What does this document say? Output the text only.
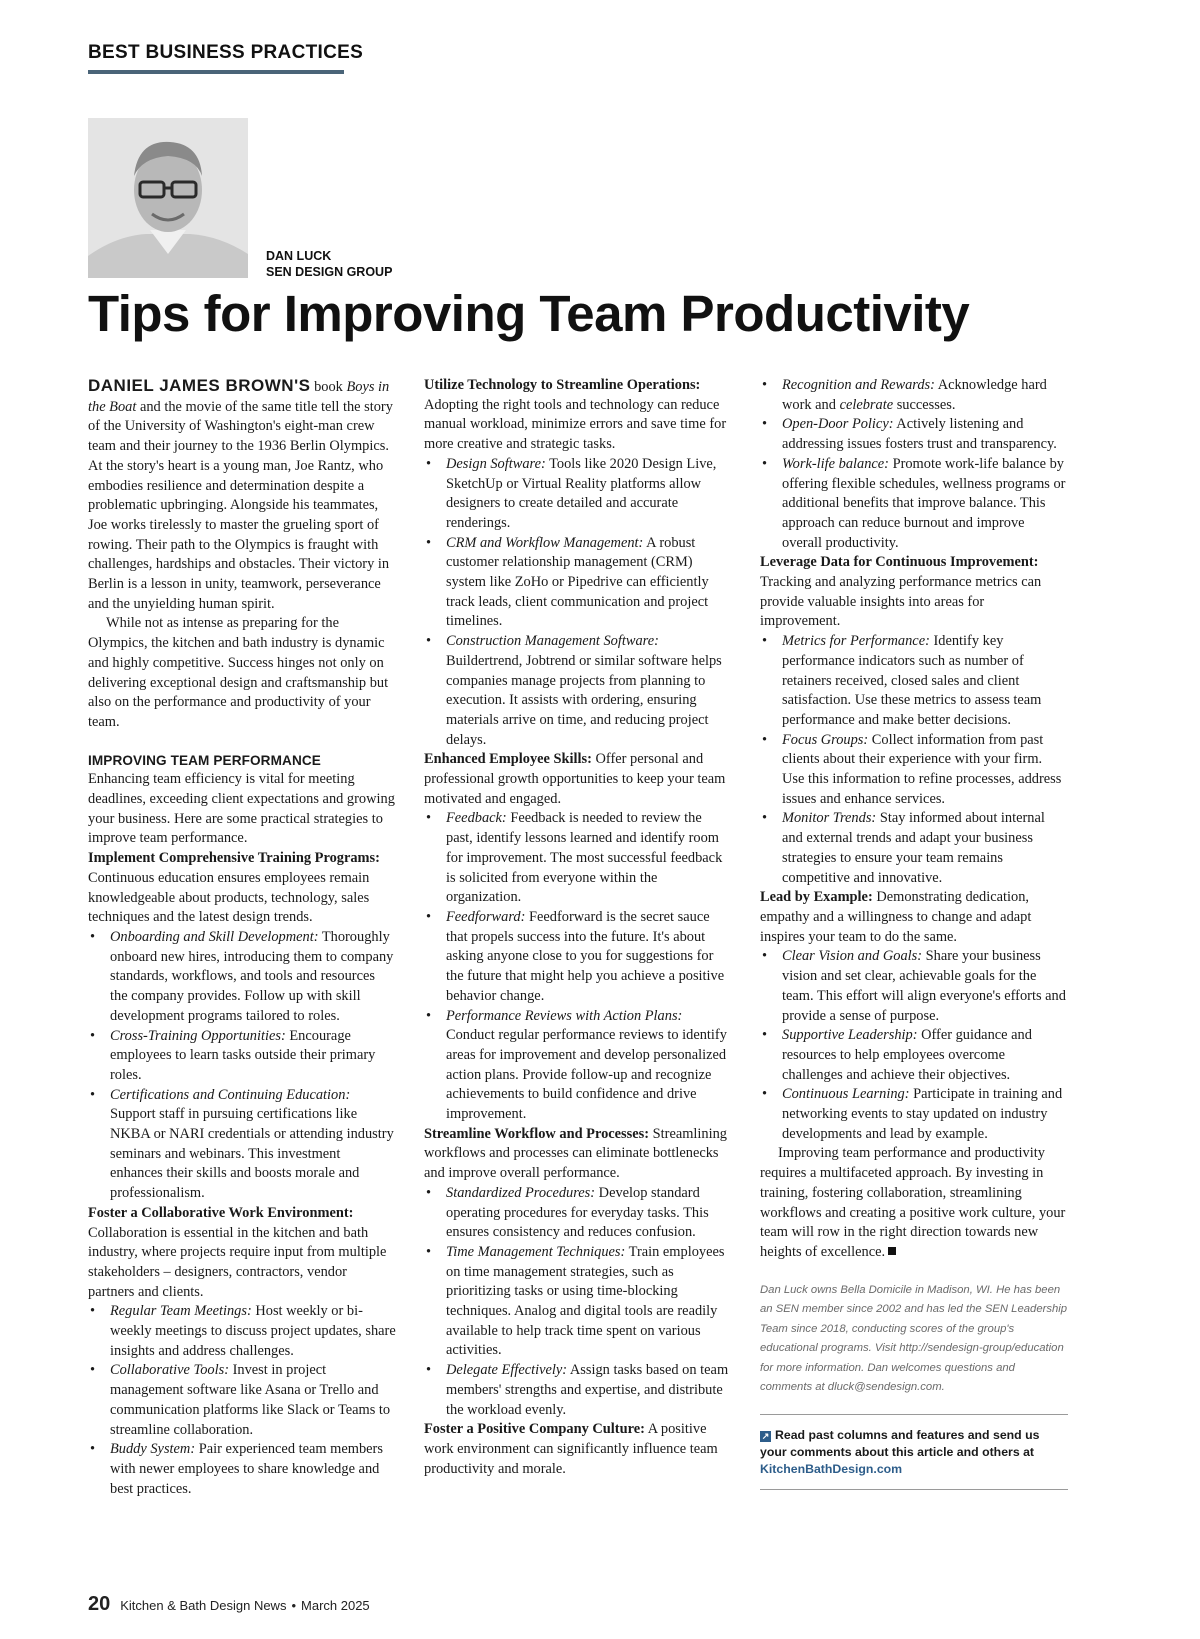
BEST BUSINESS PRACTICES
DAN LUCK
SEN DESIGN GROUP
Tips for Improving Team Productivity

DANIEL JAMES BROWN'S book Boys in the Boat and the movie of the same title tell the story of the University of Washington's eight-man crew team and their journey to the 1936 Berlin Olympics. At the story's heart is a young man, Joe Rantz, who embodies resilience and determination despite a problematic upbringing. Alongside his teammates, Joe works tirelessly to master the grueling sport of rowing. Their path to the Olympics is fraught with challenges, hardships and obstacles. Their victory in Berlin is a lesson in unity, teamwork, perseverance and the unyielding human spirit.

While not as intense as preparing for the Olympics, the kitchen and bath industry is dynamic and highly competitive. Success hinges not only on delivering exceptional design and craftsmanship but also on the performance and productivity of your team.

IMPROVING TEAM PERFORMANCE

Enhancing team efficiency is vital for meeting deadlines, exceeding client expectations and growing your business. Here are some practical strategies to improve team performance.

Implement Comprehensive Training Programs: Continuous education ensures employees remain knowledgeable about products, technology, sales techniques and the latest design trends.

• Onboarding and Skill Development: Thoroughly onboard new hires, introducing them to company standards, workflows, and tools and resources the company provides. Follow up with skill development programs tailored to roles.
• Cross-Training Opportunities: Encourage employees to learn tasks outside their primary roles.
• Certifications and Continuing Education: Support staff in pursuing certifications like NKBA or NARI credentials or attending industry seminars and webinars. This investment enhances their skills and boosts morale and professionalism.

Foster a Collaborative Work Environment: Collaboration is essential in the kitchen and bath industry, where projects require input from multiple stakeholders – designers, contractors, vendor partners and clients.

• Regular Team Meetings: Host weekly or bi-weekly meetings to discuss project updates, share insights and address challenges.
• Collaborative Tools: Invest in project management software like Asana or Trello and communication platforms like Slack or Teams to streamline collaboration.
• Buddy System: Pair experienced team members with newer employees to share knowledge and best practices.

Utilize Technology to Streamline Operations: Adopting the right tools and technology can reduce manual workload, minimize errors and save time for more creative and strategic tasks.

• Design Software: Tools like 2020 Design Live, SketchUp or Virtual Reality platforms allow designers to create detailed and accurate renderings.
• CRM and Workflow Management: A robust customer relationship management (CRM) system like ZoHo or Pipedrive can efficiently track leads, client communication and project timelines.
• Construction Management Software: Buildertrend, Jobtrend or similar software helps companies manage projects from planning to execution. It assists with ordering, ensuring materials arrive on time, and reducing project delays.

Enhanced Employee Skills: Offer personal and professional growth opportunities to keep your team motivated and engaged.

• Feedback: Feedback is needed to review the past, identify lessons learned and identify room for improvement. The most successful feedback is solicited from everyone within the organization.
• Feedforward: Feedforward is the secret sauce that propels success into the future. It's about asking anyone close to you for suggestions for the future that might help you achieve a positive behavior change.
• Performance Reviews with Action Plans: Conduct regular performance reviews to identify areas for improvement and develop personalized action plans. Provide follow-up and recognize achievements to build confidence and drive improvement.

Streamline Workflow and Processes: Streamlining workflows and processes can eliminate bottlenecks and improve overall performance.

• Standardized Procedures: Develop standard operating procedures for everyday tasks. This ensures consistency and reduces confusion.
• Time Management Techniques: Train employees on time management strategies, such as prioritizing tasks or using time-blocking techniques. Analog and digital tools are readily available to help track time spent on various activities.
• Delegate Effectively: Assign tasks based on team members' strengths and expertise, and distribute the workload evenly.

Foster a Positive Company Culture: A positive work environment can significantly influence team productivity and morale.

• Recognition and Rewards: Acknowledge hard work and celebrate successes.
• Open-Door Policy: Actively listening and addressing issues fosters trust and transparency.
• Work-life balance: Promote work-life balance by offering flexible schedules, wellness programs or additional benefits that improve balance. This approach can reduce burnout and improve overall productivity.

Leverage Data for Continuous Improvement: Tracking and analyzing performance metrics can provide valuable insights into areas for improvement.

• Metrics for Performance: Identify key performance indicators such as number of retainers received, closed sales and client satisfaction. Use these metrics to assess team performance and make better decisions.
• Focus Groups: Collect information from past clients about their experience with your firm. Use this information to refine processes, address issues and enhance services.
• Monitor Trends: Stay informed about internal and external trends and adapt your business strategies to ensure your team remains competitive and innovative.

Lead by Example: Demonstrating dedication, empathy and a willingness to change and adapt inspires your team to do the same.

• Clear Vision and Goals: Share your business vision and set clear, achievable goals for the team. This effort will align everyone's efforts and provide a sense of purpose.
• Supportive Leadership: Offer guidance and resources to help employees overcome challenges and achieve their objectives.
• Continuous Learning: Participate in training and networking events to stay updated on industry developments and lead by example.

Improving team performance and productivity requires a multifaceted approach. By investing in training, fostering collaboration, streamlining workflows and creating a positive work culture, your team will row in the right direction towards new heights of excellence.

Dan Luck owns Bella Domicile in Madison, WI. He has been an SEN member since 2002 and has led the SEN Leadership Team since 2018, conducting scores of the group's educational programs. Visit http://sendesign-group/education for more information. Dan welcomes questions and comments at dluck@sendesign.com.
↗ Read past columns and features and send us your comments about this article and others at KitchenBathDesign.com
20 Kitchen & Bath Design News • March 2025
